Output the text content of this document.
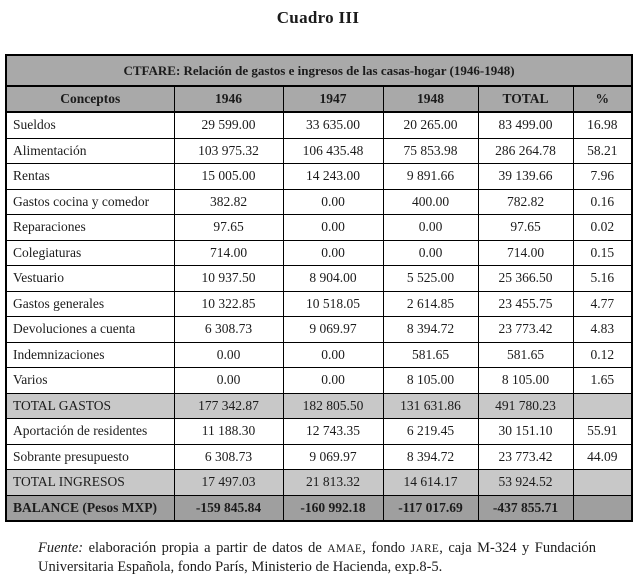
Cuadro III
CTFARE: Relación de gastos e ingresos de las casas-hogar (1946-1948)					
Conceptos	1946	1947	1948	TOTAL	%
Sueldos	29 599.00	33 635.00	20 265.00	83 499.00	16.98
Alimentación	103 975.32	106 435.48	75 853.98	286 264.78	58.21
Rentas	15 005.00	14 243.00	9 891.66	39 139.66	7.96
Gastos cocina y comedor	382.82	0.00	400.00	782.82	0.16
Reparaciones	97.65	0.00	0.00	97.65	0.02
Colegiaturas	714.00	0.00	0.00	714.00	0.15
Vestuario	10 937.50	8 904.00	5 525.00	25 366.50	5.16
Gastos generales	10 322.85	10 518.05	2 614.85	23 455.75	4.77
Devoluciones a cuenta	6 308.73	9 069.97	8 394.72	23 773.42	4.83
Indemnizaciones	0.00	0.00	581.65	581.65	0.12
Varios	0.00	0.00	8 105.00	8 105.00	1.65
TOTAL GASTOS	177 342.87	182 805.50	131 631.86	491 780.23	
Aportación de residentes	11 188.30	12 743.35	6 219.45	30 151.10	55.91
Sobrante presupuesto	6 308.73	9 069.97	8 394.72	23 773.42	44.09
TOTAL INGRESOS	17 497.03	21 813.32	14 614.17	53 924.52	
BALANCE (Pesos MXP)	-159 845.84	-160 992.18	-117 017.69	-437 855.71	

Fuente: elaboración propia a partir de datos de AMAE, fondo JARE, caja M-324 y Fundación Universitaria Española, fondo París, Ministerio de Hacienda, exp.8-5.
